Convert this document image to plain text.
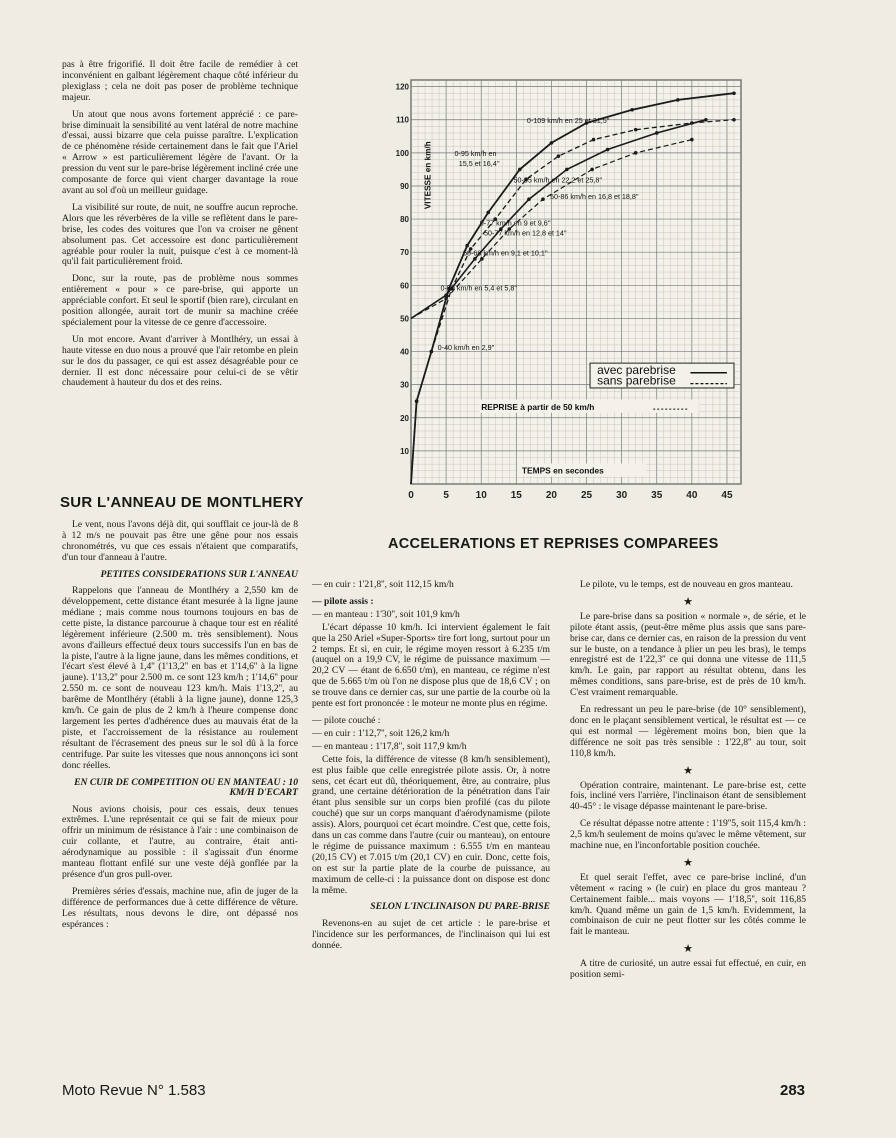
pas à être frigorifié. Il doit être facile de remédier à cet inconvénient en galbant légèrement chaque côté inférieur du plexiglass ; cela ne doit pas poser de problème technique majeur.

Un atout que nous avons fortement apprécié : ce pare-brise diminuait la sensibilité au vent latéral de notre machine d'essai, aussi bizarre que cela puisse paraître. L'explication de ce phénomène réside certainement dans le fait que l'Ariel « Arrow » est particulièrement légère de l'avant. Or la pression du vent sur le pare-brise légèrement incliné crée une composante de force qui vient charger davantage la roue avant au sol d'où un meilleur guidage.

La visibilité sur route, de nuit, ne souffre aucun reproche. Alors que les réverbères de la ville se reflètent dans le pare-brise, les codes des voitures que l'on va croiser ne gênent absolument pas. Cet accessoire est donc particulièrement agréable pour rouler la nuit, puisque c'est à ce moment-là qu'il fait particulièrement froid.

Donc, sur la route, pas de problème nous sommes entièrement « pour » ce pare-brise, qui apporte un appréciable confort. Et seul le sportif (bien rare), circulant en position allongée, aurait tort de munir sa machine créée spécialement pour la vitesse de ce genre d'accessoire.

Un mot encore. Avant d'arriver à Montlhéry, un essai à haute vitesse en duo nous a prouvé que l'air retombe en plein sur le dos du passager, ce qui est assez désagréable pour ce dernier. Il est donc nécessaire pour celui-ci de se vêtir chaudement à hauteur du dos et des reins.

SUR L'ANNEAU DE MONTLHERY

Le vent, nous l'avons déjà dit, qui soufflait ce jour-là de 8 à 12 m/s ne pouvait pas être une gêne pour nos essais chronométrés, vu que ces essais n'étaient que comparatifs, d'un tour d'anneau à l'autre.

PETITES CONSIDERATIONS SUR L'ANNEAU

Rappelons que l'anneau de Montlhéry a 2,550 km de développement, cette distance étant mesurée à la ligne jaune médiane ; mais comme nous tournons toujours en bas de cette piste, la distance parcourue à chaque tour est en réalité légèrement inférieure (2.500 m. très sensiblement). Nous avons d'ailleurs effectué deux tours successifs l'un en bas de la piste, l'autre à la ligne jaune, dans les mêmes conditions, et l'écart s'est élevé à 1,4'' (1'13,2'' en bas et 1'14,6'' à la ligne jaune). 1'13,2'' pour 2.500 m. ce sont 123 km/h ; 1'14,6'' pour 2.550 m. ce sont de nouveau 123 km/h. Mais 1'13,2'', au barême de Montlhéry (établi à la ligne jaune), donne 125,3 km/h. Ce gain de plus de 2 km/h à l'heure compense donc largement les pertes d'adhérence dues au mauvais état de la piste, et l'accroissement de la résistance au roulement résultant de l'écrasement des pneus sur le sol dû à la force centrifuge. Par suite les vitesses que nous annonçons ici sont donc réelles.

EN CUIR DE COMPETITION OU EN MANTEAU : 10 KM/H D'ECART

Nous avions choisis, pour ces essais, deux tenues extrêmes. L'une représentait ce qui se fait de mieux pour offrir un minimum de résistance à l'air : une combinaison de cuir collante, et l'autre, au contraire, était anti-aérodynamique au possible : il s'agissait d'un énorme manteau flottant enfilé sur une veste déjà gonflée par la présence d'un gros pull-over.

Premières séries d'essais, machine nue, afin de juger de la différence de performances due à cette différence de vêture. Les résultats, nous devons le dire, ont dépassé nos espérances :

0	5	10 15 20 25 30 35 40 45
10
20
30
40
50
60
70
80
90
100
110
120
0-109 km/h en 25 et 31,5''
0-95 km/h en
15,5 et 16,4’’
50-95 km/h en 22,2 et 25,8''
50-86 km/h en 16,8 et 18,8''
0-77 km/h en 9 et 9,6''
50-77 km/h en 12,8 et 14''
50-68 km/h en 9,1 et 10,1''
0-59 km/h en 5,4 et 5,8''
0-40 km/h en 2,9''
VITESSE en km/h
avec parebrise
sans parebrise
REPRISE à partir de 50 km/h
TEMPS en secondes
ACCELERATIONS ET REPRISES COMPAREES

— en cuir : 1'21,8'', soit 112,15 km/h

— pilote assis :

— en manteau : 1'30'', soit 101,9 km/h

L'écart dépasse 10 km/h. Ici intervient également le fait que la 250 Ariel «Super-Sports» tire fort long, surtout pour un 2 temps. Et si, en cuir, le régime moyen ressort à 6.235 t/m (auquel on a 19,9 CV, le régime de puissance maximum — 20,2 CV — étant de 6.650 t/m), en manteau, ce régime n'est que de 5.665 t/m où l'on ne dispose plus que de 18,6 CV ; on se trouve dans ce dernier cas, sur une partie de la courbe où la pente est fort prononcée : le moteur ne monte plus en régime.

— pilote couché :

— en cuir : 1'12,7'', soit 126,2 km/h

— en manteau : 1'17,8'', soit 117,9 km/h

Cette fois, la différence de vitesse (8 km/h sensiblement), est plus faible que celle enregistrée pilote assis. Or, à notre sens, cet écart eut dû, théoriquement, être, au contraire, plus grand, une certaine détérioration de la pénétration dans l'air étant plus sensible sur un corps bien profilé (cas du pilote couché) que sur un corps manquant d'aérodynamisme (pilote assis). Alors, pourquoi cet écart moindre. C'est que, cette fois, dans un cas comme dans l'autre (cuir ou manteau), on entoure le régime de puissance maximum : 6.555 t/m en manteau (20,15 CV) et 7.015 t/m (20,1 CV) en cuir. Donc, cette fois, on est sur la partie plate de la courbe de puissance, au maximum de celle-ci : la puissance dont on dispose est donc la même.

SELON L'INCLINAISON DU PARE-BRISE

Revenons-en au sujet de cet article : le pare-brise et l'incidence sur les performances, de l'inclinaison qui lui est donnée.

Le pilote, vu le temps, est de nouveau en gros manteau.

★

Le pare-brise dans sa position « normale », de série, et le pilote étant assis, (peut-être même plus assis que sans pare-brise car, dans ce dernier cas, en raison de la pression du vent sur le buste, on a tendance à plier un peu les bras), le temps enregistré est de 1'22,3'' ce qui donna une vitesse de 111,5 km/h. Le gain, par rapport au résultat obtenu, dans les mêmes conditions, sans pare-brise, est de près de 10 km/h. C'est vraiment remarquable.

En redressant un peu le pare-brise (de 10° sensiblement), donc en le plaçant sensiblement vertical, le résultat est — ce qui est normal — légèrement moins bon, bien que la différence ne soit pas très sensible : 1'22,8'' au tour, soit 110,8 km/h.

★

Opération contraire, maintenant. Le pare-brise est, cette fois, incliné vers l'arrière, l'inclinaison étant de sensiblement 40-45° : le visage dépasse maintenant le pare-brise.

Ce résultat dépasse notre attente : 1'19''5, soit 115,4 km/h : 2,5 km/h seulement de moins qu'avec le même vêtement, sur machine nue, en l'inconfortable position couchée.

★

Et quel serait l'effet, avec ce pare-brise incliné, d'un vêtement « racing » (le cuir) en place du gros manteau ? Certainement faible... mais voyons — 1'18,5'', soit 116,85 km/h. Quand même un gain de 1,5 km/h. Evidemment, la combinaison de cuir ne peut flotter sur les côtés comme le fait le manteau.

★

A titre de curiosité, un autre essai fut effectué, en cuir, en position semi-

Moto Revue N° 1.583	283
